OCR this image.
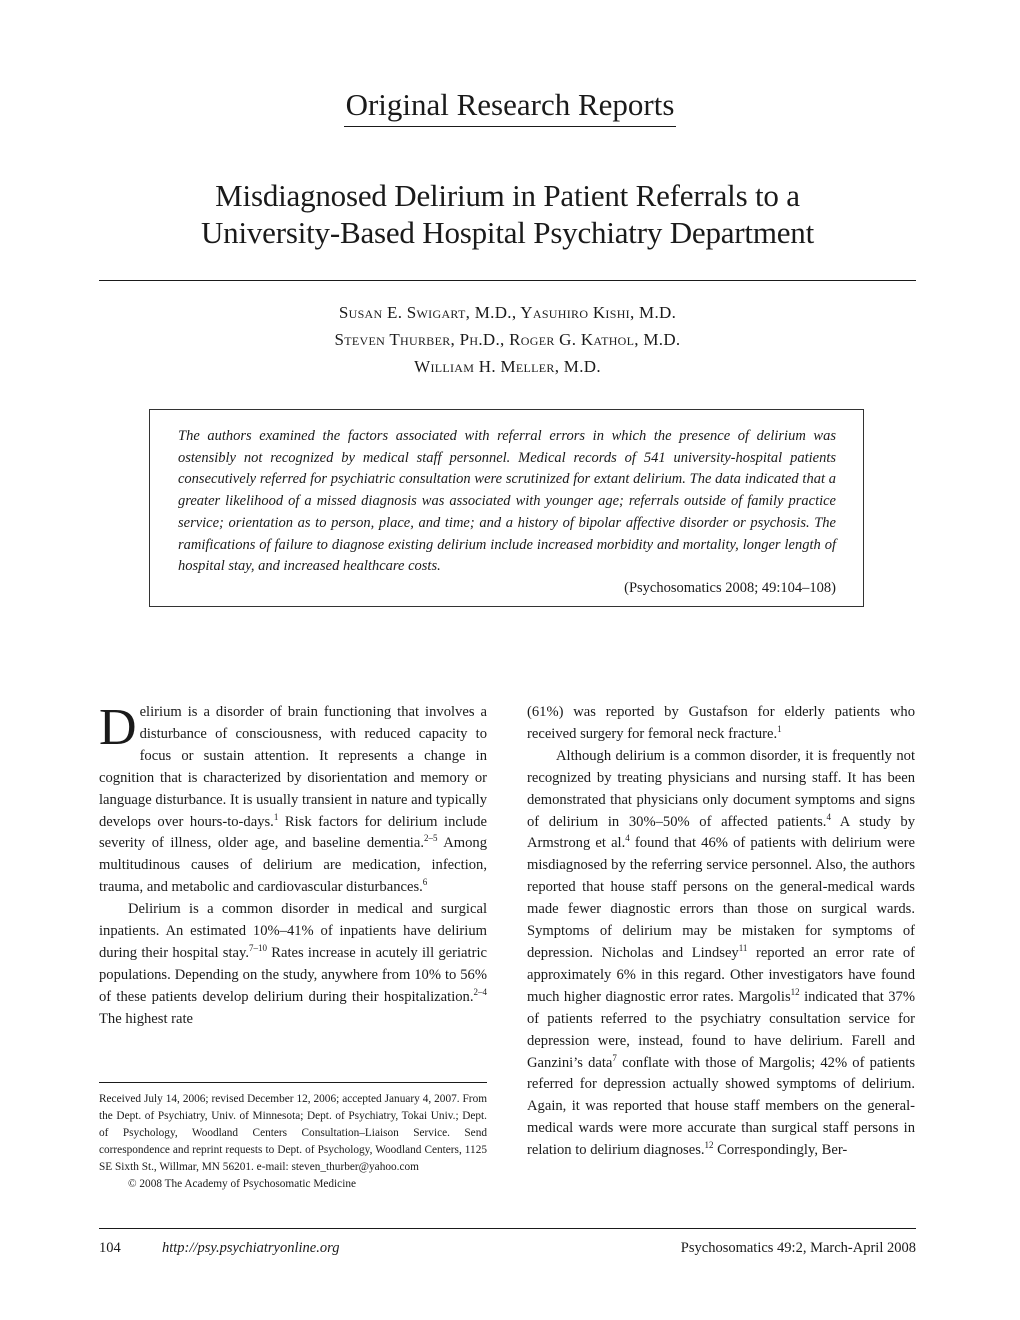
Original Research Reports
Misdiagnosed Delirium in Patient Referrals to a
University-Based Hospital Psychiatry Department
Susan E. Swigart, M.D., Yasuhiro Kishi, M.D.
Steven Thurber, Ph.D., Roger G. Kathol, M.D.
William H. Meller, M.D.
The authors examined the factors associated with referral errors in which the presence of delirium was ostensibly not recognized by medical staff personnel. Medical records of 541 university-hospital patients consecutively referred for psychiatric consultation were scrutinized for extant delirium. The data indicated that a greater likelihood of a missed diagnosis was associated with younger age; referrals outside of family practice service; orientation as to person, place, and time; and a history of bipolar affective disorder or psychosis. The ramifications of failure to diagnose existing delirium include increased morbidity and mortality, longer length of hospital stay, and increased healthcare costs.
(Psychosomatics 2008; 49:104–108)

Delirium is a disorder of brain functioning that involves a disturbance of consciousness, with reduced capacity to focus or sustain attention. It represents a change in cognition that is characterized by disorientation and memory or language disturbance. It is usually transient in nature and typically develops over hours-to-days.$^1$ Risk factors for delirium include severity of illness, older age, and baseline dementia.$^{2-5}$ Among multitudinous causes of delirium are medication, infection, trauma, and metabolic and cardiovascular disturbances.$^6$

Delirium is a common disorder in medical and surgical inpatients. An estimated 10%–41% of inpatients have delirium during their hospital stay.$^{7-10}$ Rates increase in acutely ill geriatric populations. Depending on the study, anywhere from 10% to 56% of these patients develop delirium during their hospitalization.$^{2-4}$ The highest rate

(61%) was reported by Gustafson for elderly patients who received surgery for femoral neck fracture.$^1$

Although delirium is a common disorder, it is frequently not recognized by treating physicians and nursing staff. It has been demonstrated that physicians only document symptoms and signs of delirium in 30%–50% of affected patients.$^4$ A study by Armstrong et al.$^4$ found that 46% of patients with delirium were misdiagnosed by the referring service personnel. Also, the authors reported that house staff persons on the general-medical wards made fewer diagnostic errors than those on surgical wards. Symptoms of delirium may be mistaken for symptoms of depression. Nicholas and Lindsey$^{11}$ reported an error rate of approximately 6% in this regard. Other investigators have found much higher diagnostic error rates. Margolis$^{12}$ indicated that 37% of patients referred to the psychiatry consultation service for depression were, instead, found to have delirium. Farell and Ganzini’s data$^7$ conflate with those of Margolis; 42% of patients referred for depression actually showed symptoms of delirium. Again, it was reported that house staff members on the general-medical wards were more accurate than surgical staff persons in relation to delirium diagnoses.$^{12}$ Correspondingly, Ber-

Received July 14, 2006; revised December 12, 2006; accepted January 4, 2007. From the Dept. of Psychiatry, Univ. of Minnesota; Dept. of Psychiatry, Tokai Univ.; Dept. of Psychology, Woodland Centers Consultation–Liaison Service. Send correspondence and reprint requests to Dept. of Psychology, Woodland Centers, 1125 SE Sixth St., Willmar, MN 56201. e-mail: steven_thurber@yahoo.com

© 2008 The Academy of Psychosomatic Medicine

104	http://psy.psychiatryonline.org	Psychosomatics 49:2, March-April 2008
